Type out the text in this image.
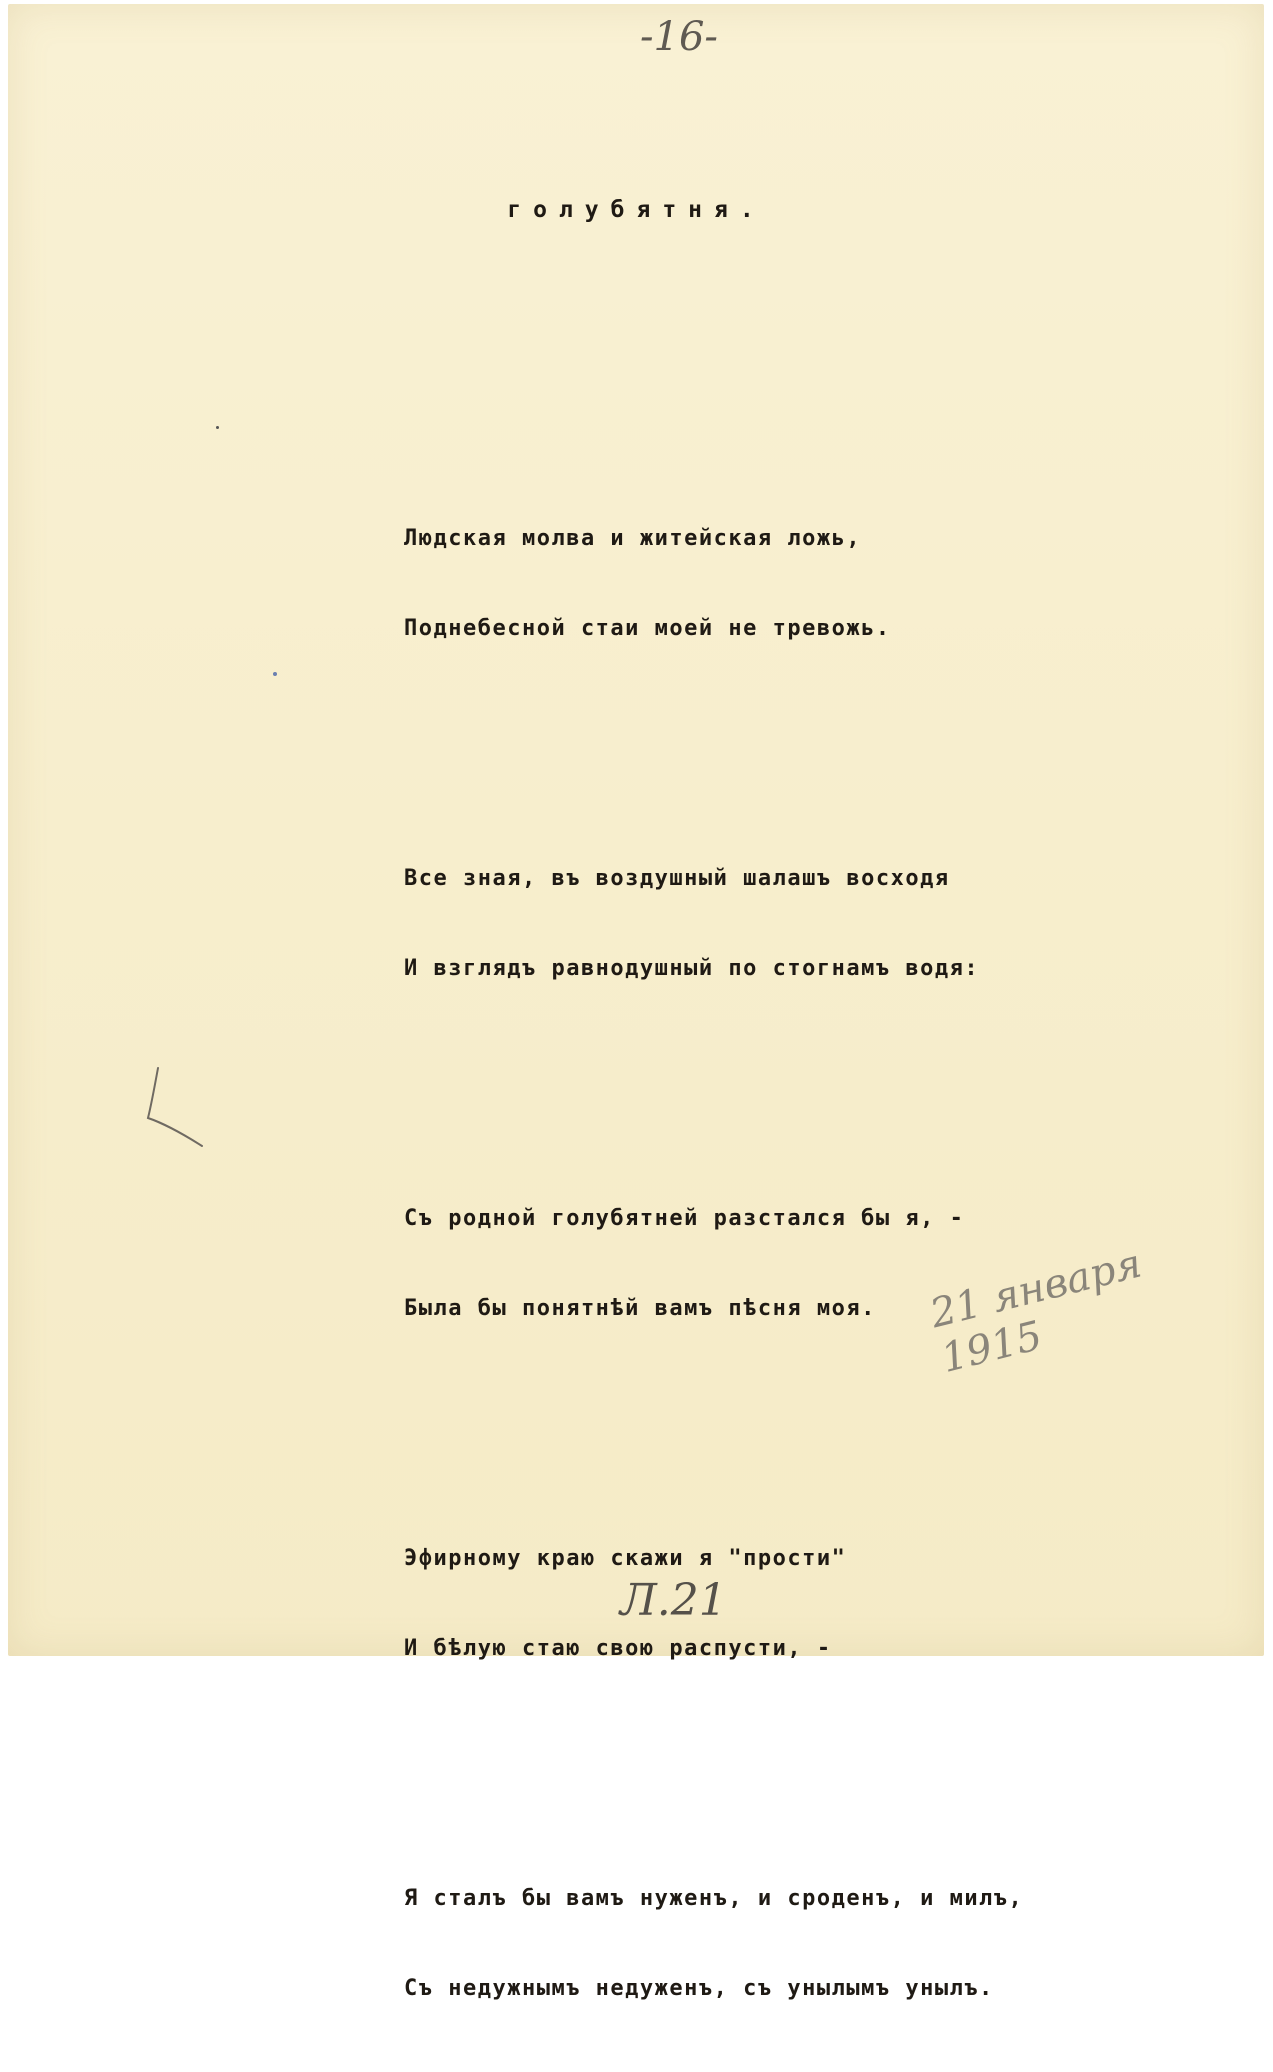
-16-
голубятня.

Людская молва и житейская ложь,

Поднебесной стаи моей не тревожь.

Все зная, въ воздушный шалашъ восходя

И взглядъ равнодушный по стогнамъ водя:

Съ родной голубятней разстался бы я, -

Была бы понятнѣй вамъ пѣсня моя.

Эфирному краю скажи я "прости"

И бѣлую стаю свою распусти, -

Я сталъ бы вамъ нуженъ, и сроденъ, и милъ,

Съ недужнымъ недуженъ, съ унылымъ унылъ.

21 января 1915
Л.21
